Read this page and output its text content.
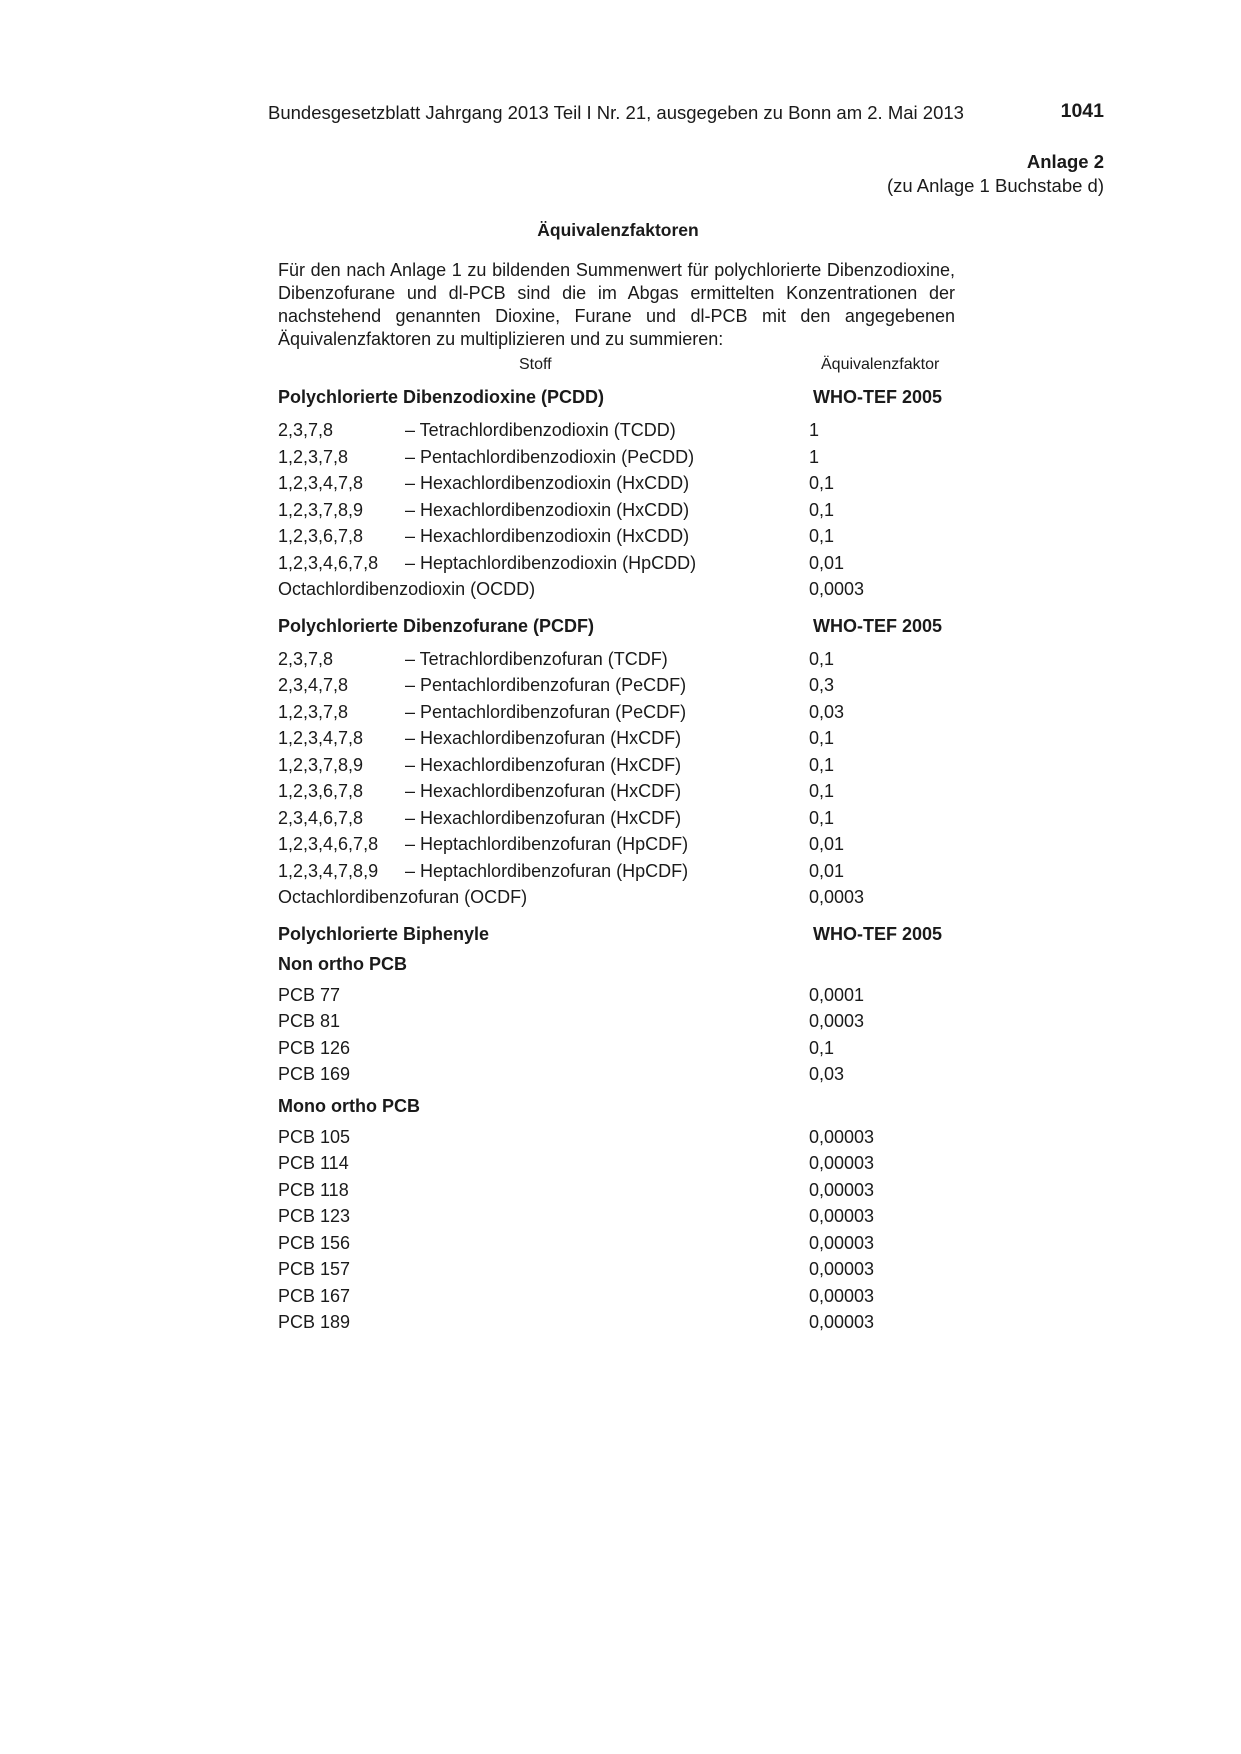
Bundesgesetzblatt Jahrgang 2013 Teil I Nr. 21, ausgegeben zu Bonn am 2. Mai 2013	1041
Anlage 2
(zu Anlage 1 Buchstabe d)
Äquivalenzfaktoren
Für den nach Anlage 1 zu bildenden Summenwert für polychlorierte Dibenzodioxine, Dibenzofurane und dl-PCB sind die im Abgas ermittelten Konzentrationen der nachstehend genannten Dioxine, Furane und dl-PCB mit den angegebenen Äquivalenzfaktoren zu multiplizieren und zu summieren:
Stoff	Äquivalenzfaktor
Polychlorierte Dibenzodioxine (PCDD)	WHO-TEF 2005
2,3,7,8	– Tetrachlordibenzodioxin (TCDD)	1
1,2,3,7,8	– Pentachlordibenzodioxin (PeCDD)	1
1,2,3,4,7,8 – Hexachlordibenzodioxin (HxCDD)	0,1
1,2,3,7,8,9 – Hexachlordibenzodioxin (HxCDD)	0,1
1,2,3,6,7,8 – Hexachlordibenzodioxin (HxCDD)	0,1
1,2,3,4,6,7,8 – Heptachlordibenzodioxin (HpCDD)	0,01
Octachlordibenzodioxin (OCDD)	0,0003
Polychlorierte Dibenzofurane (PCDF)	WHO-TEF 2005
2,3,7,8	– Tetrachlordibenzofuran (TCDF)	0,1
2,3,4,7,8	– Pentachlordibenzofuran (PeCDF)	0,3
1,2,3,7,8	– Pentachlordibenzofuran (PeCDF)	0,03
1,2,3,4,7,8 – Hexachlordibenzofuran (HxCDF)	0,1
1,2,3,7,8,9 – Hexachlordibenzofuran (HxCDF)	0,1
1,2,3,6,7,8 – Hexachlordibenzofuran (HxCDF)	0,1
2,3,4,6,7,8 – Hexachlordibenzofuran (HxCDF)	0,1
1,2,3,4,6,7,8 – Heptachlordibenzofuran (HpCDF)	0,01
1,2,3,4,7,8,9 – Heptachlordibenzofuran (HpCDF)	0,01
Octachlordibenzofuran (OCDF)	0,0003
Polychlorierte Biphenyle	WHO-TEF 2005
Non ortho PCB
PCB 77	0,0001
PCB 81	0,0003
PCB 126	0,1
PCB 169	0,03
Mono ortho PCB
PCB 105	0,00003
PCB 114	0,00003
PCB 118	0,00003
PCB 123	0,00003
PCB 156	0,00003
PCB 157	0,00003
PCB 167	0,00003
PCB 189	0,00003
